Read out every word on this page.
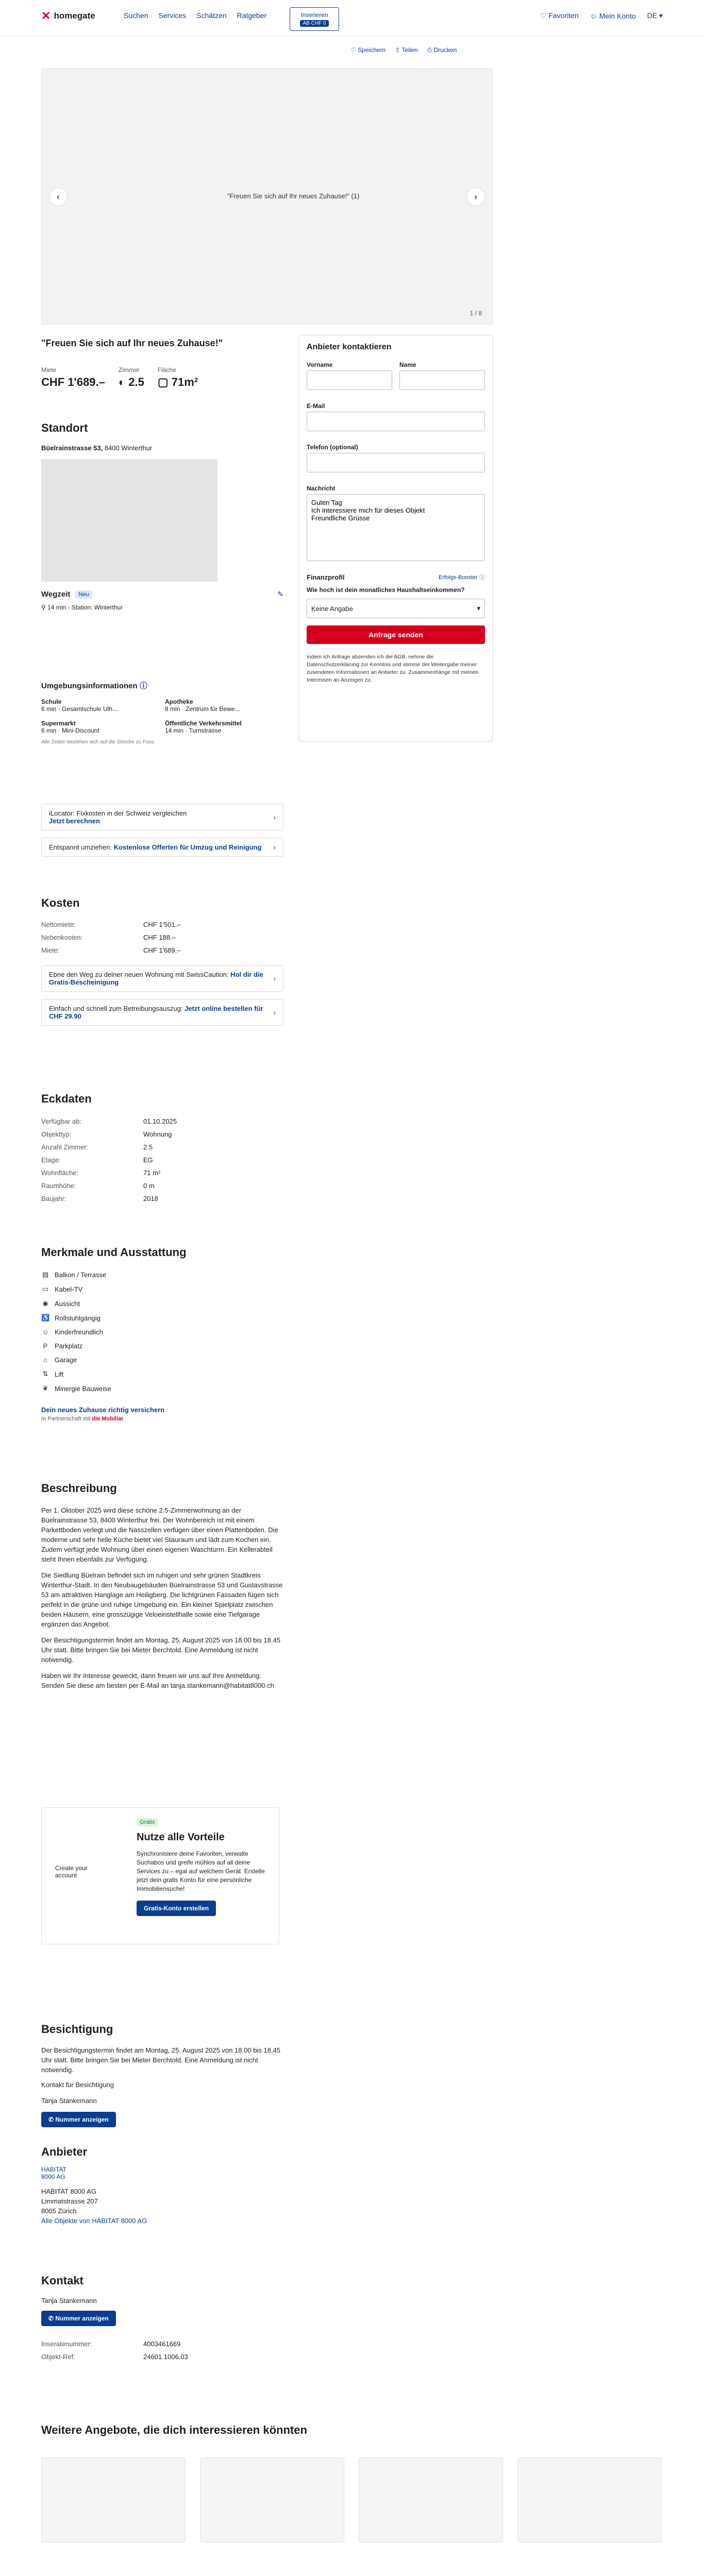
✕ homegate	Suchen Services Schätzen Ratgeber	Inserieren
AB CHF 0
♡ Favoriten ☺ Mein Konto DE ▾
♡ Speichern ⇪ Teilen ⎙ Drucken
"Freuen Sie sich auf Ihr neues Zuhause!" (1)
‹	›
1 / 8
"Freuen Sie sich auf Ihr neues Zuhause!"
Miete
CHF 1'689.–
Zimmer
◐ 2.5
Fläche
▢ 71m²
Standort
Büelrainstrasse 53, 8400 Winterthur
Wegzeit	Neu	✎
⚲ 14 min · Station: Winterthur
Umgebungsinformationen ⓘ
Schule
6 min · Gesamtschule Ulh...
Apotheke
8 min · Zentrum für Bewe...
Supermarkt
6 min · Mini-Discount
Öffentliche Verkehrsmittel
14 min · Turnstrasse
Alle Zeiten beziehen sich auf die Strecke zu Fuss.
iLocator: Fixkosten in der Schweiz vergleichen
Jetzt berechnen	›
Entspannt umziehen: Kostenlose Offerten für Umzug und Reinigung ›
Kosten
Nettomiete:	CHF 1'501.–
Nebenkosten:	CHF 188.–
Miete:	CHF 1'689.–
Ebne den Weg zu deiner neuen Wohnung mit SwissCaution: Hol dir die Gratis-Bescheinigung	›
Einfach und schnell zum Betreibungsauszug: Jetzt online bestellen für CHF 29.90	›
Eckdaten
Verfügbar ab:	01.10.2025
Objekttyp:	Wohnung
Anzahl Zimmer:	2.5
Etage:	EG
Wohnfläche:	71 m²
Raumhöhe:	0 m
Baujahr:	2018
Merkmale und Ausstattung
▤ Balkon / Terrasse
▭ Kabel-TV
◉ Aussicht
♿ Rollstuhlgängig
☺ Kinderfreundlich
P Parkplatz
⌂	Garage
⇅ Lift
❦ Minergie Bauweise
Dein neues Zuhause richtig versichern
In Partnerschaft mit die Mobiliar
Beschreibung

Per 1. Oktober 2025 wird diese schöne 2.5-Zimmerwohnung an der Büelrainstrasse 53, 8400 Winterthur frei. Der Wohnbereich ist mit einem Parkettboden verlegt und die Nasszellen verfügen über einen Plattenboden. Die moderne und sehr helle Küche bietet viel Stauraum und lädt zum Kochen ein. Zudem verfügt jede Wohnung über einen eigenen Waschturm. Ein Kellerabteil steht Ihnen ebenfalls zur Verfügung.

Die Siedlung Büelrain befindet sich im ruhigen und sehr grünen Stadtkreis Winterthur-Stadt. In den Neubaugebäuden Büelrainstrasse 53 und Gustavstrasse 53 am attraktiven Hanglage am Heiligberg. Die lichtgrünen Fassaden fügen sich perfekt in die grüne und ruhige Umgebung ein. Ein kleiner Spielplatz zwischen beiden Häusern, eine grosszügige Veloeinstellhalle sowie eine Tiefgarage ergänzen das Angebot.

Der Besichtigungstermin findet am Montag, 25. August 2025 von 18.00 bis 18.45 Uhr statt. Bitte bringen Sie bei Mieter Berchtold. Eine Anmeldung ist nicht notwendig.

Haben wir Ihr Interesse geweckt, dann freuen wir uns auf Ihre Anmeldung. Senden Sie diese am besten per E-Mail an tanja.stankemann@habitat8000.ch

Create your account
Gratis
Nutze alle Vorteile
Synchronisiere deine Favoriten, verwalte Suchabos und greife mühlos auf all deine Services zu – egal auf welchem Gerät. Erstelle jetzt dein gratis Konto für eine persönliche Immobiliensuche!
Gratis-Konto erstellen
Besichtigung

Der Besichtigungstermin findet am Montag, 25. August 2025 von 18.00 bis 18.45 Uhr statt. Bitte bringen Sie bei Mieter Berchtold. Eine Anmeldung ist nicht notwendig.

Kontakt für Besichtigung
Tanja Stankemann
✆ Nummer anzeigen
Anbieter
HABITAT 8000 AG
HABITAT 8000 AG
Limmatstrasse 207
8005 Zürich
Alle Objekte von HABITAT 8000 AG
Kontakt
Tanja Stankemann
✆ Nummer anzeigen
Inseratenummer:	4003461669
Objekt-Ref:	24601.1006.03
Anbieter kontaktieren
Vorname	Name
E-Mail
Telefon (optional)
Nachricht
Guten Tag Ich interessiere mich für dieses Objekt Freundliche Grüsse
Finanzprofil	Erfolgs-Booster ⓘ
Wie hoch ist dein monatliches Haushaltseinkommen?
Keine Angabe	▾
Anfrage senden
Indem ich Anfrage absenden ich die AGB, nehme die Datenschutzerklärung zur Kenntnis und stimme der Weitergabe meiner zusendeten Informationen an Anbieter zu. Zusammenhänge mit meinen Interessen an Anzeigen zu.
Weitere Angebote, die dich interessieren könnten
